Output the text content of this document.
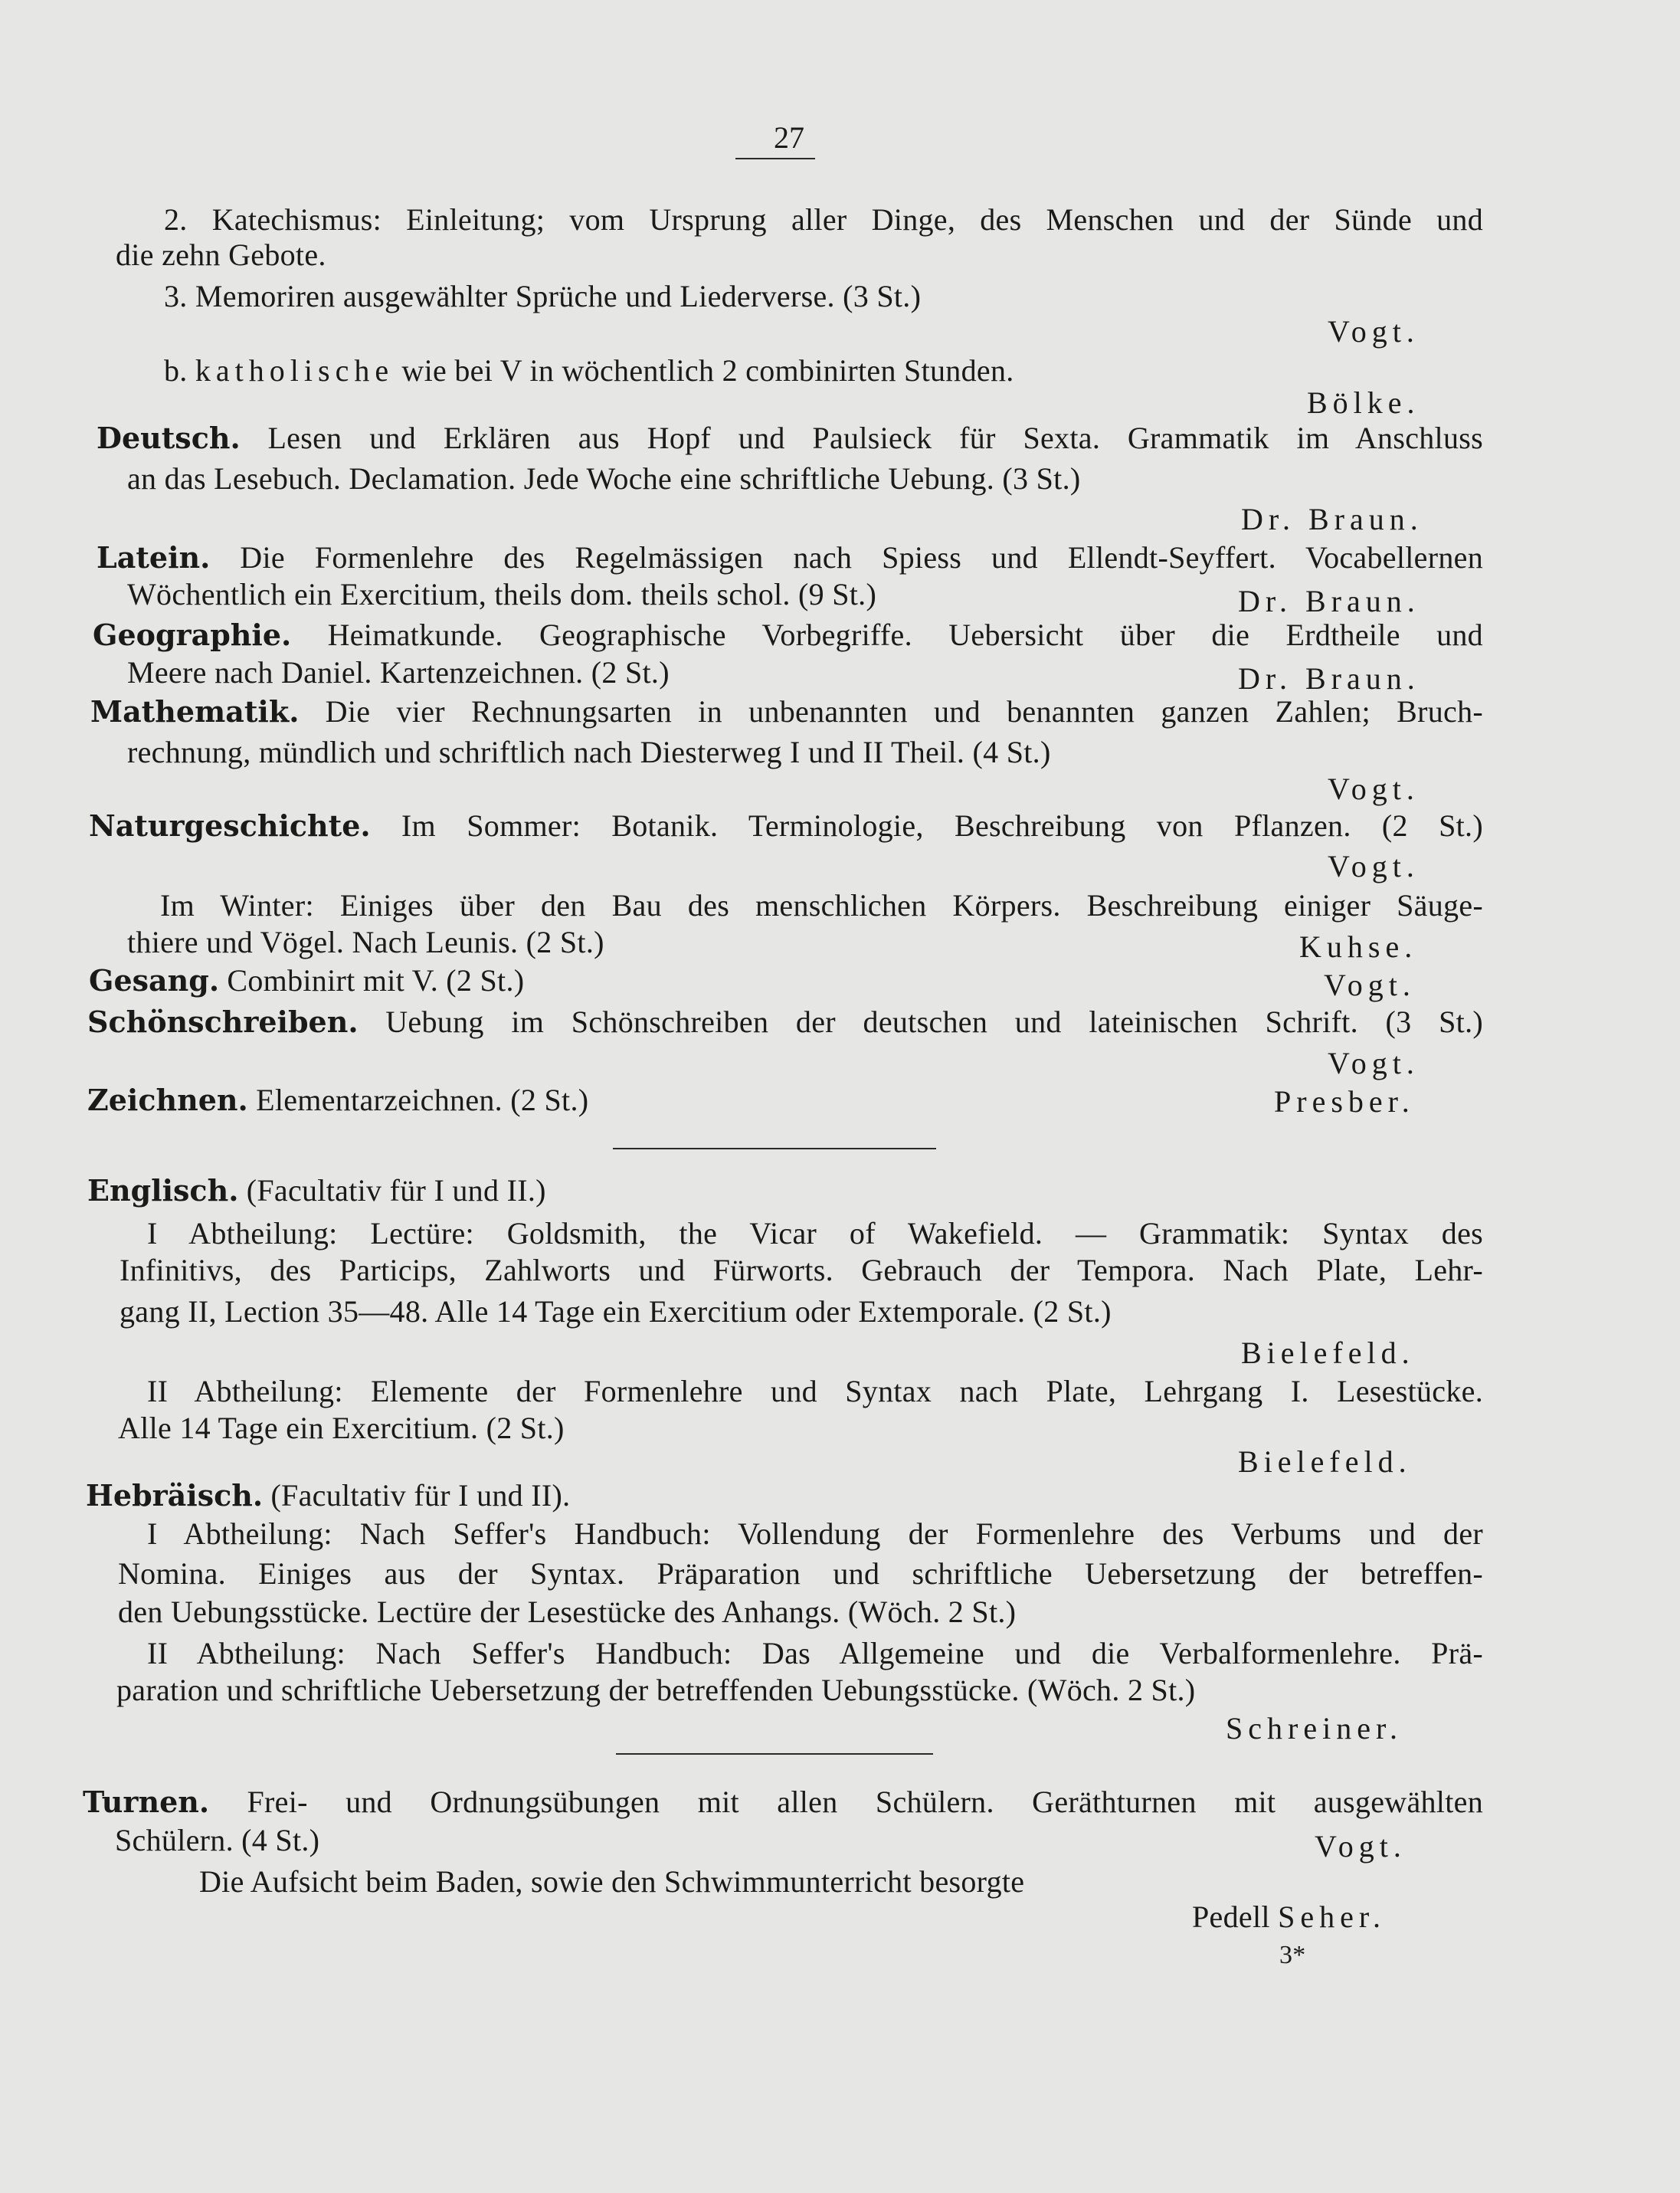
27
2. Katechismus: Einleitung; vom Ursprung aller Dinge, des Menschen und der Sünde und
die zehn Gebote.
3. Memoriren ausgewählter Sprüche und Liederverse. (3 St.)
Vogt.
b. katholische wie bei V in wöchentlich 2 combinirten Stunden.
Bölke.
Deutsch. Lesen und Erklären aus Hopf und Paulsieck für Sexta. Grammatik im Anschluss
an das Lesebuch. Declamation. Jede Woche eine schriftliche Uebung. (3 St.)
Dr. Braun.
Latein. Die Formenlehre des Regelmässigen nach Spiess und Ellendt-Seyffert. Vocabellernen
Wöchentlich ein Exercitium, theils dom. theils schol. (9 St.)	Dr. Braun.
Geographie. Heimatkunde. Geographische Vorbegriffe. Uebersicht über die Erdtheile und
Meere nach Daniel. Kartenzeichnen. (2 St.)	Dr. Braun.
Mathematik. Die vier Rechnungsarten in unbenannten und benannten ganzen Zahlen; Bruch-
rechnung, mündlich und schriftlich nach Diesterweg I und II Theil. (4 St.)
Vogt.
Naturgeschichte. Im Sommer: Botanik. Terminologie, Beschreibung von Pflanzen. (2 St.)
Vogt.
Im Winter: Einiges über den Bau des menschlichen Körpers. Beschreibung einiger Säuge-
thiere und Vögel. Nach Leunis. (2 St.)	Kuhse.
Gesang. Combinirt mit V. (2 St.)	Vogt.
Schönschreiben. Uebung im Schönschreiben der deutschen und lateinischen Schrift. (3 St.)
Vogt.
Zeichnen. Elementarzeichnen. (2 St.)	Presber.
Englisch. (Facultativ für I und II.)
I Abtheilung: Lectüre: Goldsmith, the Vicar of Wakefield. — Grammatik: Syntax des
Infinitivs, des Particips, Zahlworts und Fürworts. Gebrauch der Tempora. Nach Plate, Lehr-
gang II, Lection 35—48. Alle 14 Tage ein Exercitium oder Extemporale. (2 St.)
Bielefeld.
II Abtheilung: Elemente der Formenlehre und Syntax nach Plate, Lehrgang I. Lesestücke.
Alle 14 Tage ein Exercitium. (2 St.)
Bielefeld.
Hebräisch. (Facultativ für I und II).
I Abtheilung: Nach Seffer's Handbuch: Vollendung der Formenlehre des Verbums und der
Nomina. Einiges aus der Syntax. Präparation und schriftliche Uebersetzung der betreffen-
den Uebungsstücke. Lectüre der Lesestücke des Anhangs. (Wöch. 2 St.)
II Abtheilung: Nach Seffer's Handbuch: Das Allgemeine und die Verbalformenlehre. Prä-
paration und schriftliche Uebersetzung der betreffenden Uebungsstücke. (Wöch. 2 St.)
Schreiner.
Turnen. Frei- und Ordnungsübungen mit allen Schülern. Geräthturnen mit ausgewählten
Schülern. (4 St.)	Vogt.
Die Aufsicht beim Baden, sowie den Schwimmunterricht besorgte
Pedell Seher.
3*
